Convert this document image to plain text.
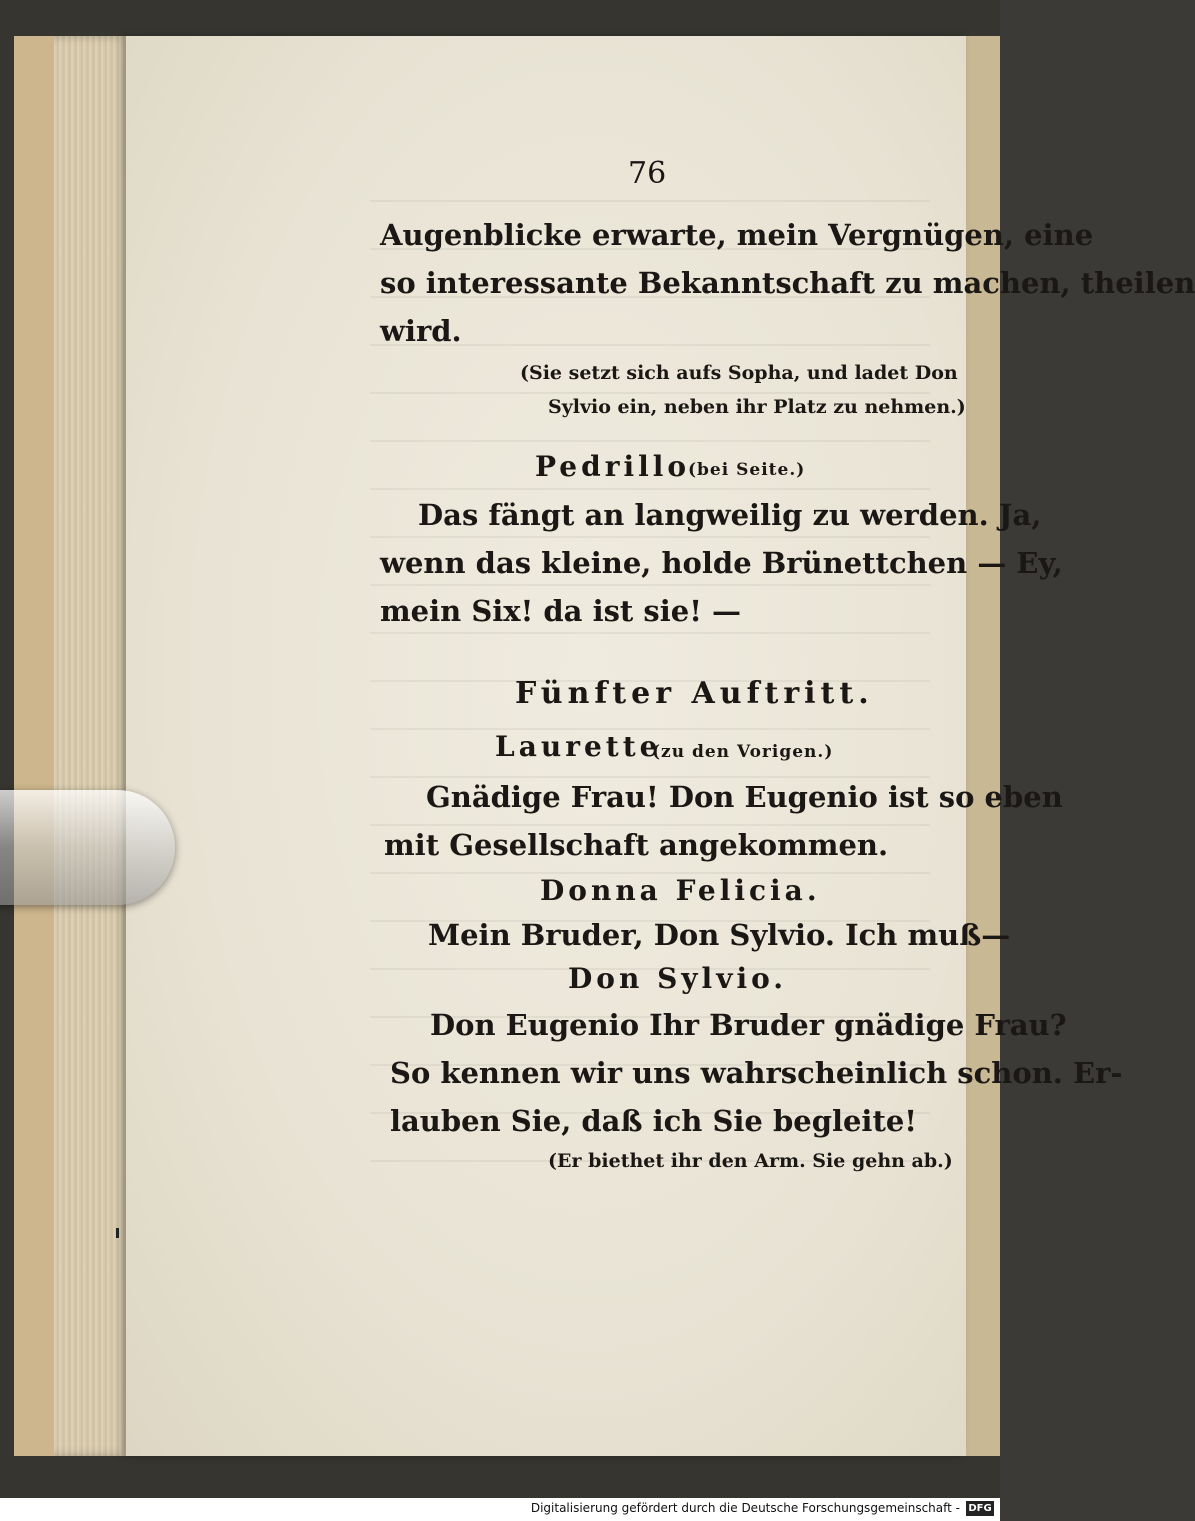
76
Augenblicke erwarte, mein Vergnügen, eine
so interessante Bekanntschaft zu machen, theilen
wird.
(Sie setzt sich aufs Sopha, und ladet Don
Sylvio ein, neben ihr Platz zu nehmen.)
Pedrillo
(bei Seite.)
Das fängt an langweilig zu werden. Ja,
wenn das kleine, holde Brünettchen — Ey,
mein Six! da ist sie! —
Fünfter Auftritt.
Laurette
(zu den Vorigen.)
Gnädige Frau! Don Eugenio ist so eben
mit Gesellschaft angekommen.
Donna Felicia.
Mein Bruder, Don Sylvio. Ich muß—
Don Sylvio.
Don Eugenio Ihr Bruder gnädige Frau?
So kennen wir uns wahrscheinlich schon. Er-
lauben Sie, daß ich Sie begleite!
(Er biethet ihr den Arm. Sie gehn ab.)
Digitalisierung gefördert durch die Deutsche Forschungsgemeinschaft - DFG
